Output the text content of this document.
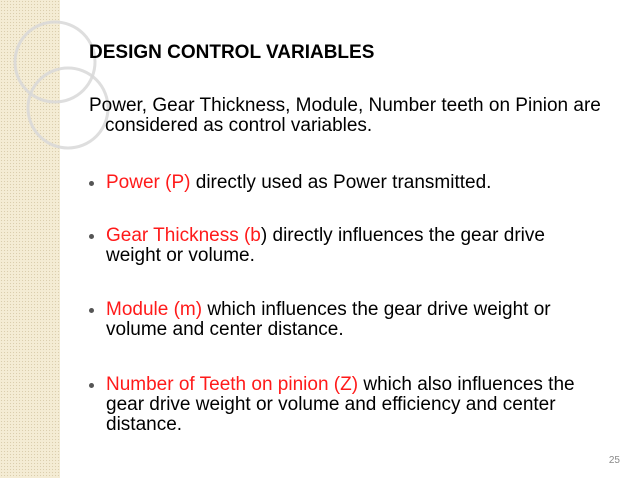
DESIGN CONTROL VARIABLES
Power, Gear Thickness, Module, Number teeth on Pinion are considered as control variables.
Power (P) directly used as Power transmitted.
Gear Thickness (b) directly influences the gear drive weight or volume.
Module (m) which influences the gear drive weight or volume and center distance.
Number of Teeth on pinion (Z) which also influences the gear drive weight or volume and efficiency and center distance.
25
